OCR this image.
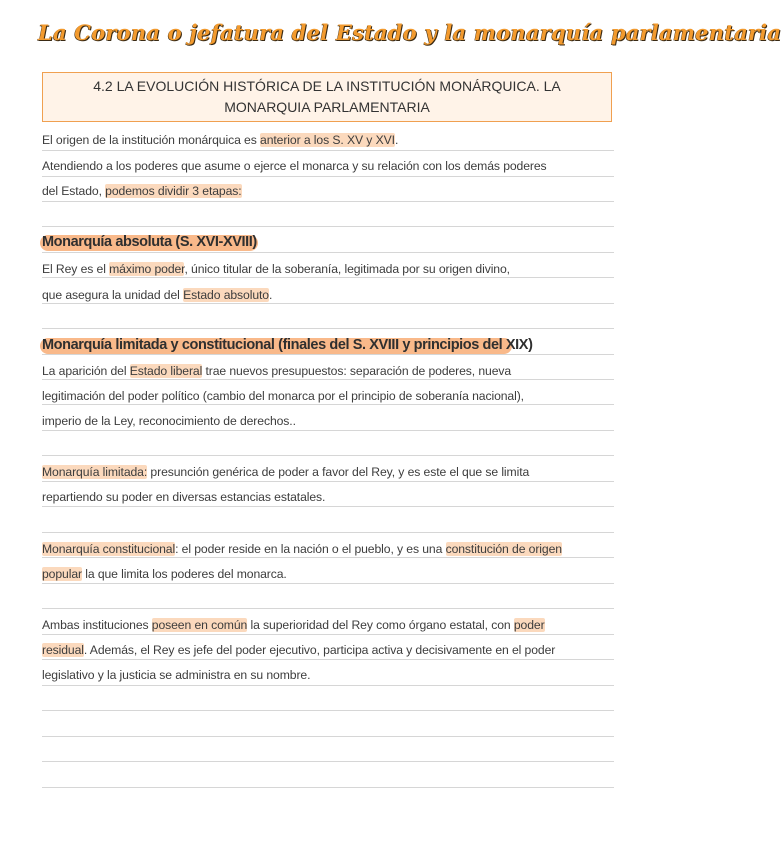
La Corona o jefatura del Estado y la monarquía parlamentaria
4.2 LA EVOLUCIÓN HISTÓRICA DE LA INSTITUCIÓN MONÁRQUICA. LA MONARQUIA PARLAMENTARIA
El origen de la institución monárquica es anterior a los S. XV y XVI.
Atendiendo a los poderes que asume o ejerce el monarca y su relación con los demás poderes
del Estado, podemos dividir 3 etapas:
Monarquía absoluta (S. XVI-XVIII)
El Rey es el máximo poder, único titular de la soberanía, legitimada por su origen divino,
que asegura la unidad del Estado absoluto.
Monarquía limitada y constitucional (finales del S. XVIII y principios del XIX)
La aparición del Estado liberal trae nuevos presupuestos: separación de poderes, nueva
legitimación del poder político (cambio del monarca por el principio de soberanía nacional),
imperio de la Ley, reconocimiento de derechos..
Monarquía limitada: presunción genérica de poder a favor del Rey, y es este el que se limita
repartiendo su poder en diversas estancias estatales.
Monarquía constitucional: el poder reside en la nación o el pueblo, y es una constitución de origen
popular la que limita los poderes del monarca.
Ambas instituciones poseen en común la superioridad del Rey como órgano estatal, con poder
residual. Además, el Rey es jefe del poder ejecutivo, participa activa y decisivamente en el poder
legislativo y la justicia se administra en su nombre.
